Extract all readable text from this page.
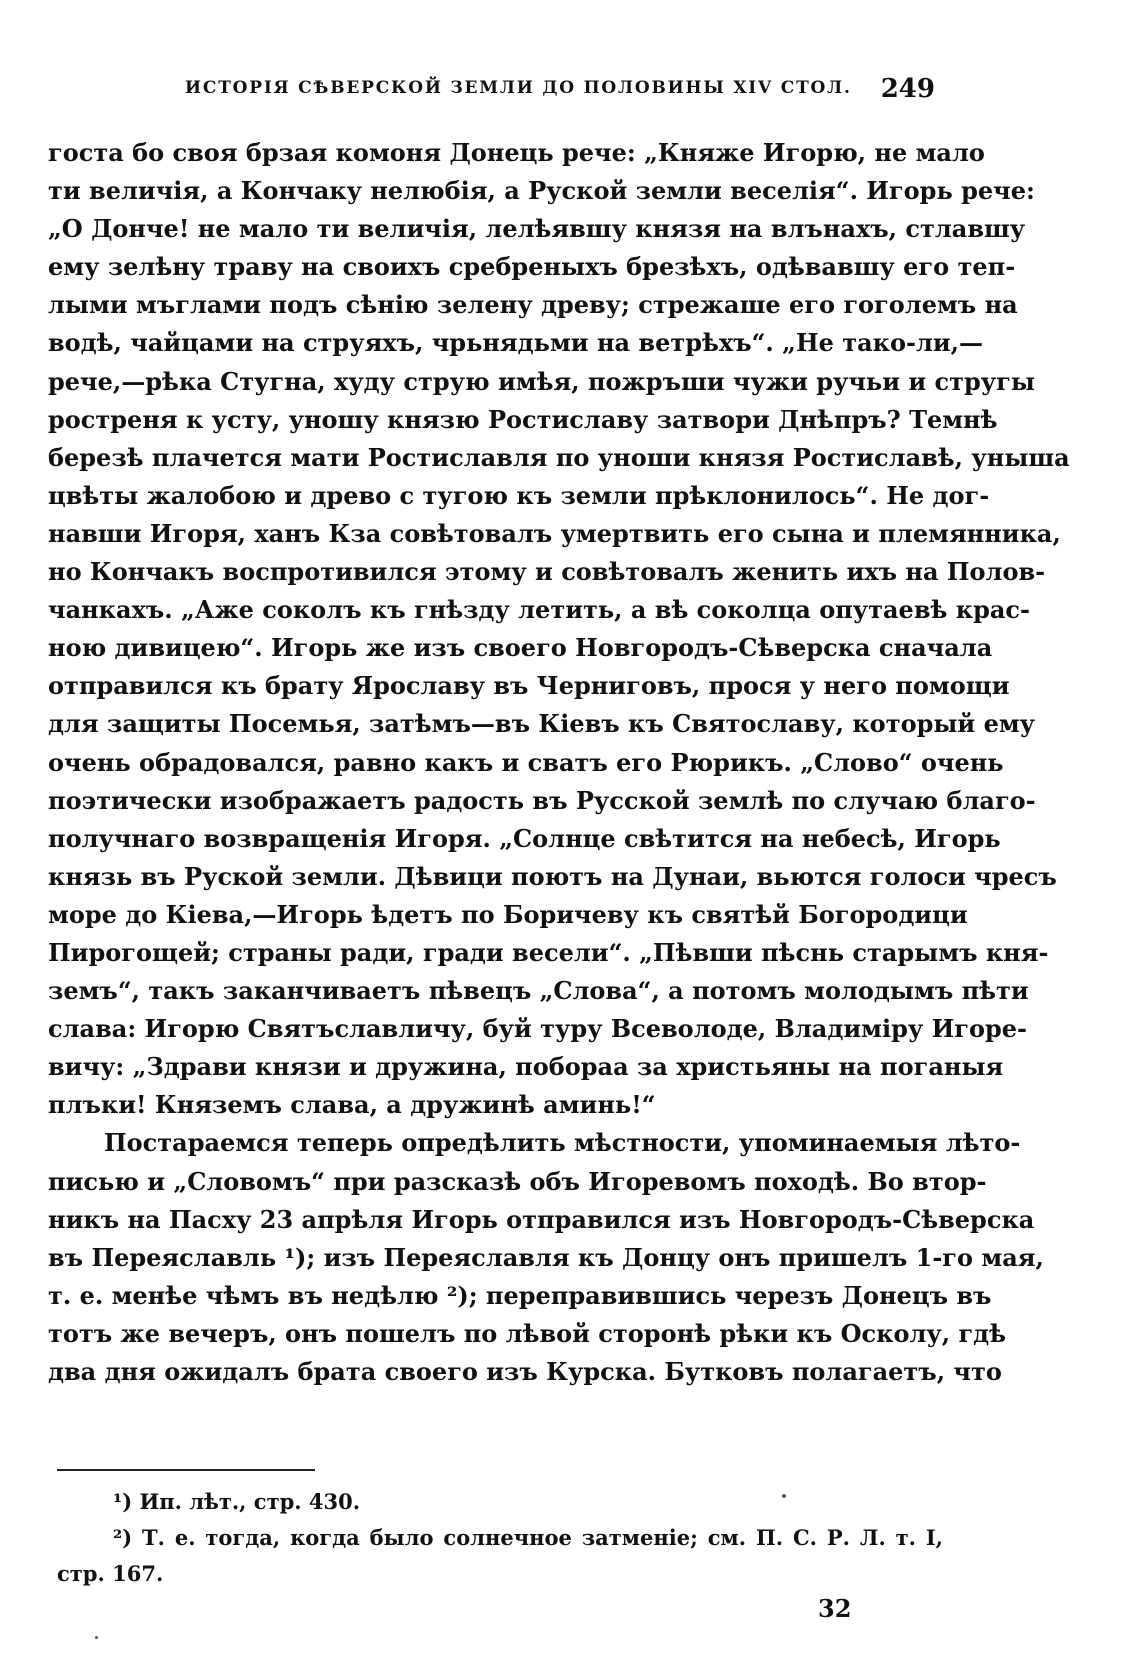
ИСТОРІЯ СѢВЕРСКОЙ ЗЕМЛИ ДО ПОЛОВИНЫ XIV СТОЛ. 249
госта бо своя брзая комоня Донець рече: „Княже Игорю, не мало
ти величія, а Кончаку нелюбія, а Руской земли веселія“. Игорь рече:
„О Донче! не мало ти величія, лелѣявшу князя на влънахъ, стлавшу
ему зелѣну траву на своихъ сребреныхъ брезѣхъ, одѣвавшу его теп-
лыми мъглами подъ сѣнію зелену древу; стрежаше его гоголемъ на
водѣ, чайцами на струяхъ, чрьнядьми на ветрѣхъ“. „Не тако-ли,—
рече,—рѣка Стугна, худу струю имѣя, пожръши чужи ручьи и стругы
ростреня к усту, уношу князю Ростиславу затвори Днѣпръ? Темнѣ
березѣ плачется мати Ростиславля по уноши князя Ростиславѣ, уныша
цвѣты жалобою и древо с тугою къ земли прѣклонилось“. Не дог-
навши Игоря, ханъ Кза совѣтовалъ умертвить его сына и племянника,
но Кончакъ воспротивился этому и совѣтовалъ женить ихъ на Полов-
чанкахъ. „Аже соколъ къ гнѣзду летить, а вѣ соколца опутаевѣ крас-
ною дивицею“. Игорь же изъ своего Новгородъ-Сѣверска сначала
отправился къ брату Ярославу въ Черниговъ, прося у него помощи
для защиты Посемья, затѣмъ—въ Кіевъ къ Святославу, который ему
очень обрадовался, равно какъ и сватъ его Рюрикъ. „Слово“ очень
поэтически изображаетъ радость въ Русской землѣ по случаю благо-
получнаго возвращенія Игоря. „Солнце свѣтится на небесѣ, Игорь
князь въ Руской земли. Дѣвици поютъ на Дунаи, вьются голоси чресъ
море до Кіева,—Игорь ѣдетъ по Боричеву къ святѣй Богородици
Пирогощей; страны ради, гради весели“. „Пѣвши пѣснь старымъ кня-
земъ“, такъ заканчиваетъ пѣвецъ „Слова“, а потомъ молодымъ пѣти
слава: Игорю Святъславличу, буй туру Всеволоде, Владиміру Игоре-
вичу: „Здрави князи и дружина, побораа за христьяны на поганыя
плъки! Княземъ слава, а дружинѣ аминь!“
Постараемся теперь опредѣлить мѣстности, упоминаемыя лѣто-
писью и „Словомъ“ при разсказѣ объ Игоревомъ походѣ. Во втор-
никъ на Пасху 23 апрѣля Игорь отправился изъ Новгородъ-Сѣверска
въ Переяславль ¹); изъ Переяславля къ Донцу онъ пришелъ 1-го мая,
т. е. менѣе чѣмъ въ недѣлю ²); переправившись черезъ Донецъ въ
тотъ же вечеръ, онъ пошелъ по лѣвой сторонѣ рѣки къ Осколу, гдѣ
два дня ожидалъ брата своего изъ Курска. Бутковъ полагаетъ, что
¹) Ип. лѣт., стр. 430.
²) Т. е. тогда, когда было солнечное затменіе; см. П. С. Р. Л. т. I,
стр. 167.
32
